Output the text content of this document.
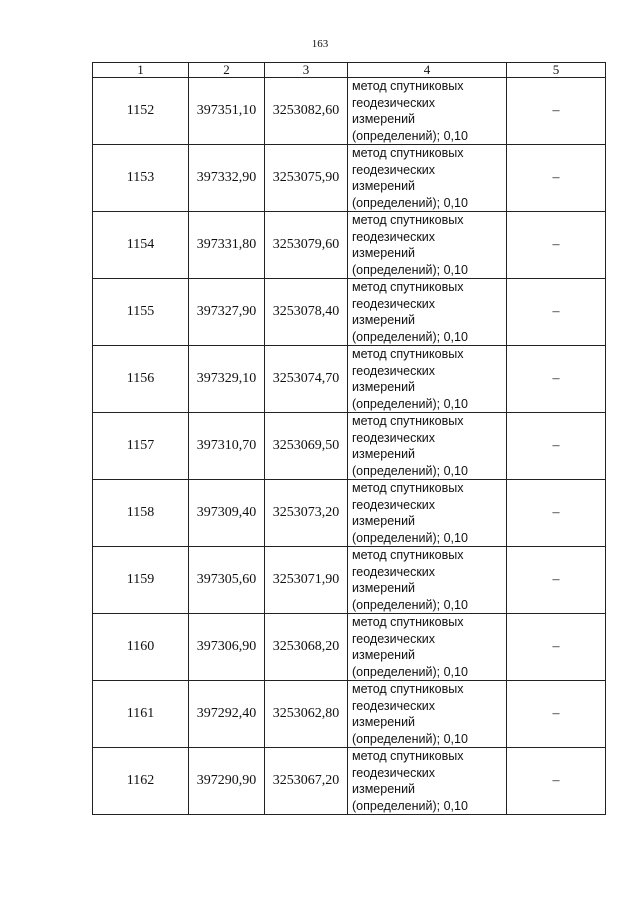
163
1	2	3	4	5
1152	397351,10	3253082,60	метод спутниковых
геодезических
измерений
(определений); 0,10	–
1153	397332,90	3253075,90	метод спутниковых
геодезических
измерений
(определений); 0,10	–
1154	397331,80	3253079,60	метод спутниковых
геодезических
измерений
(определений); 0,10	–
1155	397327,90	3253078,40	метод спутниковых
геодезических
измерений
(определений); 0,10	–
1156	397329,10	3253074,70	метод спутниковых
геодезических
измерений
(определений); 0,10	–
1157	397310,70	3253069,50	метод спутниковых
геодезических
измерений
(определений); 0,10	–
1158	397309,40	3253073,20	метод спутниковых
геодезических
измерений
(определений); 0,10	–
1159	397305,60	3253071,90	метод спутниковых
геодезических
измерений
(определений); 0,10	–
1160	397306,90	3253068,20	метод спутниковых
геодезических
измерений
(определений); 0,10	–
1161	397292,40	3253062,80	метод спутниковых
геодезических
измерений
(определений); 0,10	–
1162	397290,90	3253067,20	метод спутниковых
геодезических
измерений
(определений); 0,10	–
